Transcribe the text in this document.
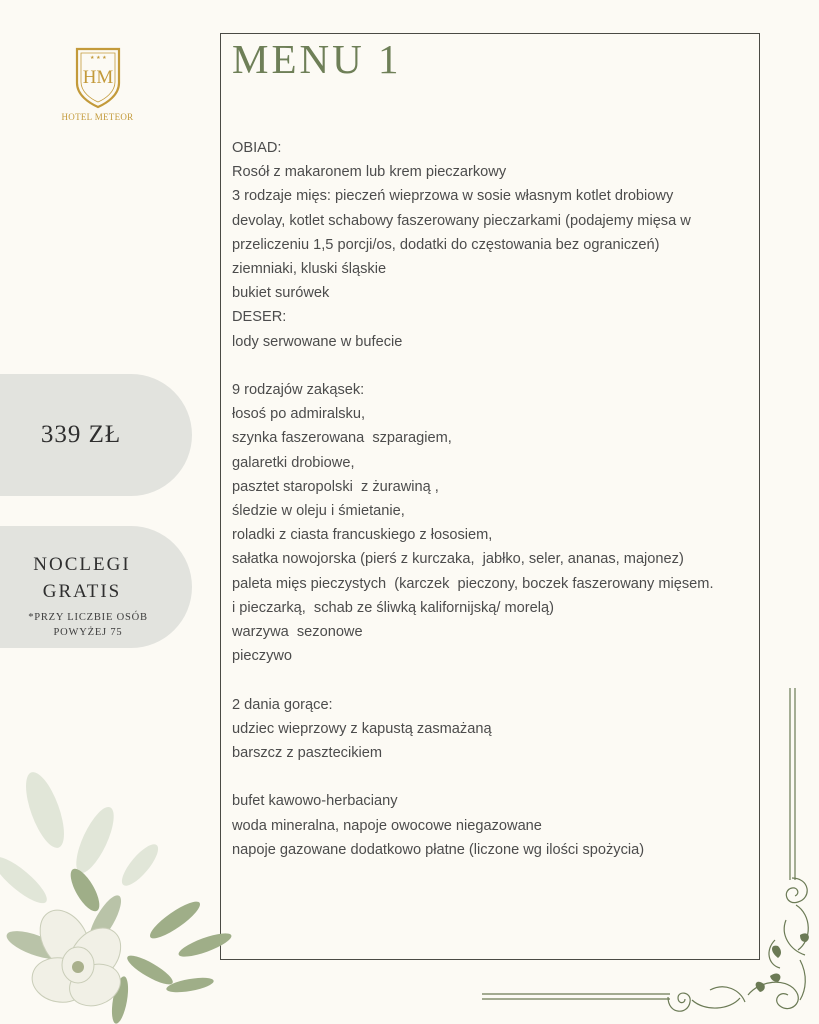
★ ★ ★
HM
HOTEL METEOR
MENU 1
OBIAD:
Rosół z makaronem lub krem pieczarkowy
3 rodzaje mięs: pieczeń wieprzowa w sosie własnym kotlet drobiowy
devolay, kotlet schabowy faszerowany pieczarkami (podajemy mięsa w
przeliczeniu 1,5 porcji/os, dodatki do częstowania bez ograniczeń)
ziemniaki, kluski śląskie
bukiet surówek
DESER:
lody serwowane w bufecie
9 rodzajów zakąsek:
łosoś po admiralsku,
szynka faszerowana  szparagiem,
galaretki drobiowe,
pasztet staropolski  z żurawiną ,
śledzie w oleju i śmietanie,
roladki z ciasta francuskiego z łososiem,
sałatka nowojorska (pierś z kurczaka,  jabłko, seler, ananas, majonez)
paleta mięs pieczystych  (karczek  pieczony, boczek faszerowany mięsem.
i pieczarką,  schab ze śliwką kalifornijską/ morelą)
warzywa  sezonowe
pieczywo
2 dania gorące:
udziec wieprzowy z kapustą zasmażaną
barszcz z pasztecikiem
bufet kawowo-herbaciany
woda mineralna, napoje owocowe niegazowane
napoje gazowane dodatkowo płatne (liczone wg ilości spożycia)
339 ZŁ
NOCLEGI
GRATIS
*PRZY LICZBIE OSÓB
POWYŻEJ 75
